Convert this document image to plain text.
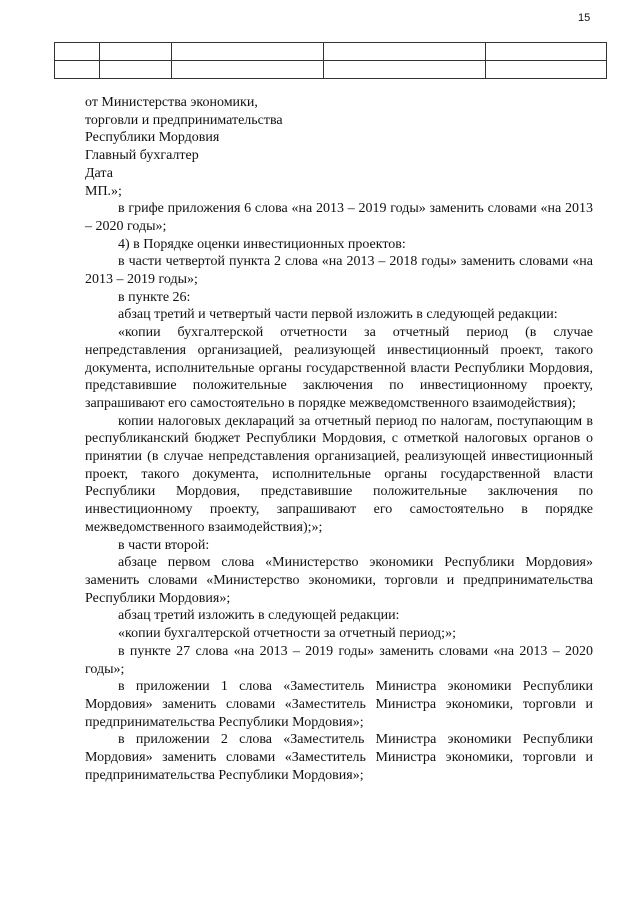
15

от Министерства экономики,

торговли и предпринимательства

Республики Мордовия

Главный бухгалтер

Дата

МП.»;

в грифе приложения 6 слова «на 2013 – 2019 годы» заменить словами «на 2013 – 2020 годы»;

4) в Порядке оценки инвестиционных проектов:

в части четвертой пункта 2 слова «на 2013 – 2018 годы» заменить словами «на 2013 – 2019 годы»;

в пункте 26:

абзац третий и четвертый части первой изложить в следующей редакции:

«копии бухгалтерской отчетности за отчетный период (в случае непредставления организацией, реализующей инвестиционный проект, такого документа, исполнительные органы государственной власти Республики Мордовия, представившие положительные заключения по инвестиционному проекту, запрашивают его самостоятельно в порядке межведомственного взаимодействия);

копии налоговых деклараций за отчетный период по налогам, поступающим в республиканский бюджет Республики Мордовия, с отметкой налоговых органов о принятии (в случае непредставления организацией, реализующей инвестиционный проект, такого документа, исполнительные органы государственной власти Республики Мордовия, представившие положительные заключения по инвестиционному проекту, запрашивают его самостоятельно в порядке межведомственного взаимодействия);»;

в части второй:

абзаце первом слова «Министерство экономики Республики Мордовия» заменить словами «Министерство экономики, торговли и предпринимательства Республики Мордовия»;

абзац третий изложить в следующей редакции:

«копии бухгалтерской отчетности за отчетный период;»;

в пункте 27 слова «на 2013 – 2019 годы» заменить словами «на 2013 – 2020 годы»;

в приложении 1 слова «Заместитель Министра экономики Республики Мордовия» заменить словами «Заместитель Министра экономики, торговли и предпринимательства Республики Мордовия»;

в приложении 2 слова «Заместитель Министра экономики Республики Мордовия» заменить словами «Заместитель Министра экономики, торговли и предпринимательства Республики Мордовия»;
